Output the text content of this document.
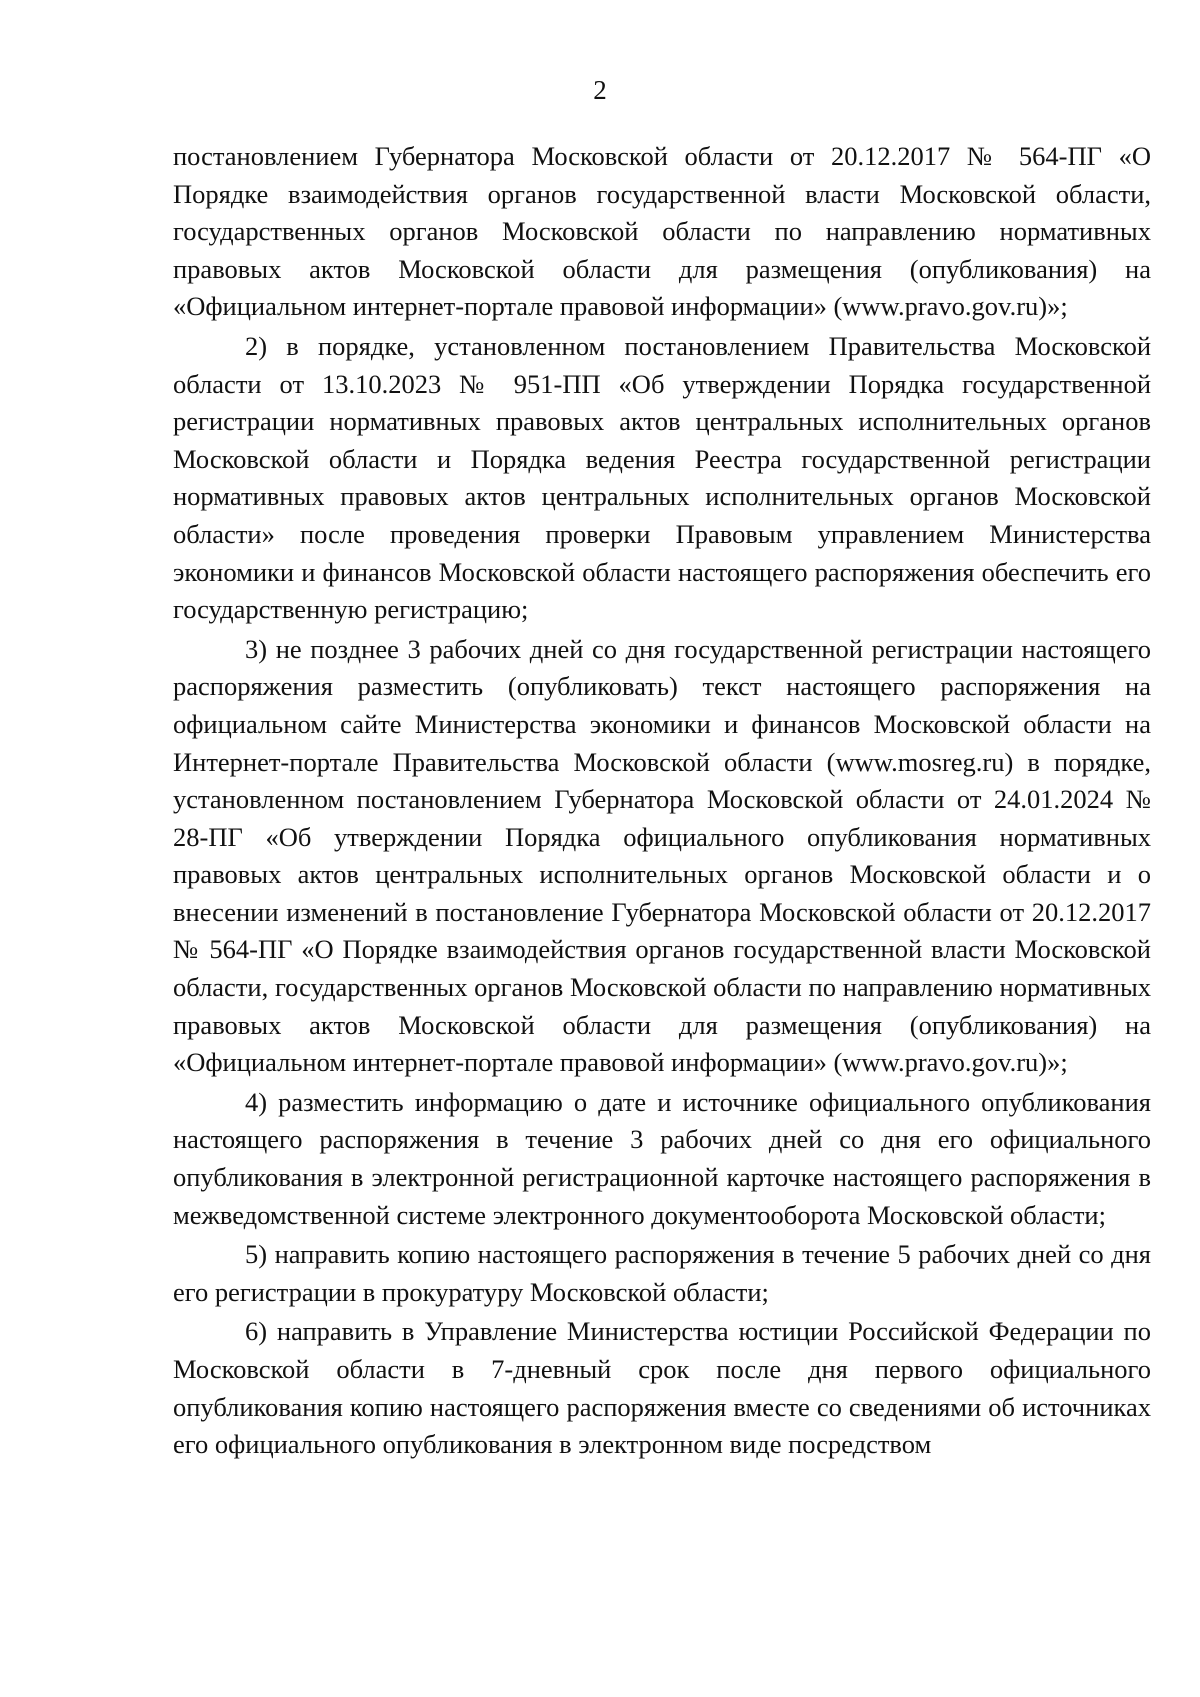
2

постановлением Губернатора Московской области от 20.12.2017 № 564-ПГ «О Порядке взаимодействия органов государственной власти Московской области, государственных органов Московской области по направлению нормативных правовых актов Московской области для размещения (опубликования) на «Официальном интернет-портале правовой информации» (www.pravo.gov.ru)»;

2) в порядке, установленном постановлением Правительства Московской области от 13.10.2023 № 951-ПП «Об утверждении Порядка государственной регистрации нормативных правовых актов центральных исполнительных органов Московской области и Порядка ведения Реестра государственной регистрации нормативных правовых актов центральных исполнительных органов Московской области» после проведения проверки Правовым управлением Министерства экономики и финансов Московской области настоящего распоряжения обеспечить его государственную регистрацию;

3) не позднее 3 рабочих дней со дня государственной регистрации настоящего распоряжения разместить (опубликовать) текст настоящего распоряжения на официальном сайте Министерства экономики и финансов Московской области на Интернет-портале Правительства Московской области (www.mosreg.ru) в порядке, установленном постановлением Губернатора Московской области от 24.01.2024 № 28-ПГ «Об утверждении Порядка официального опубликования нормативных правовых актов центральных исполнительных органов Московской области и о внесении изменений в постановление Губернатора Московской области от 20.12.2017 № 564-ПГ «О Порядке взаимодействия органов государственной власти Московской области, государственных органов Московской области по направлению нормативных правовых актов Московской области для размещения (опубликования) на «Официальном интернет-портале правовой информации» (www.pravo.gov.ru)»;

4) разместить информацию о дате и источнике официального опубликования настоящего распоряжения в течение 3 рабочих дней со дня его официального опубликования в электронной регистрационной карточке настоящего распоряжения в межведомственной системе электронного документооборота Московской области;

5) направить копию настоящего распоряжения в течение 5 рабочих дней со дня его регистрации в прокуратуру Московской области;

6) направить в Управление Министерства юстиции Российской Федерации по Московской области в 7-дневный срок после дня первого официального опубликования копию настоящего распоряжения вместе со сведениями об источниках его официального опубликования в электронном виде посредством
